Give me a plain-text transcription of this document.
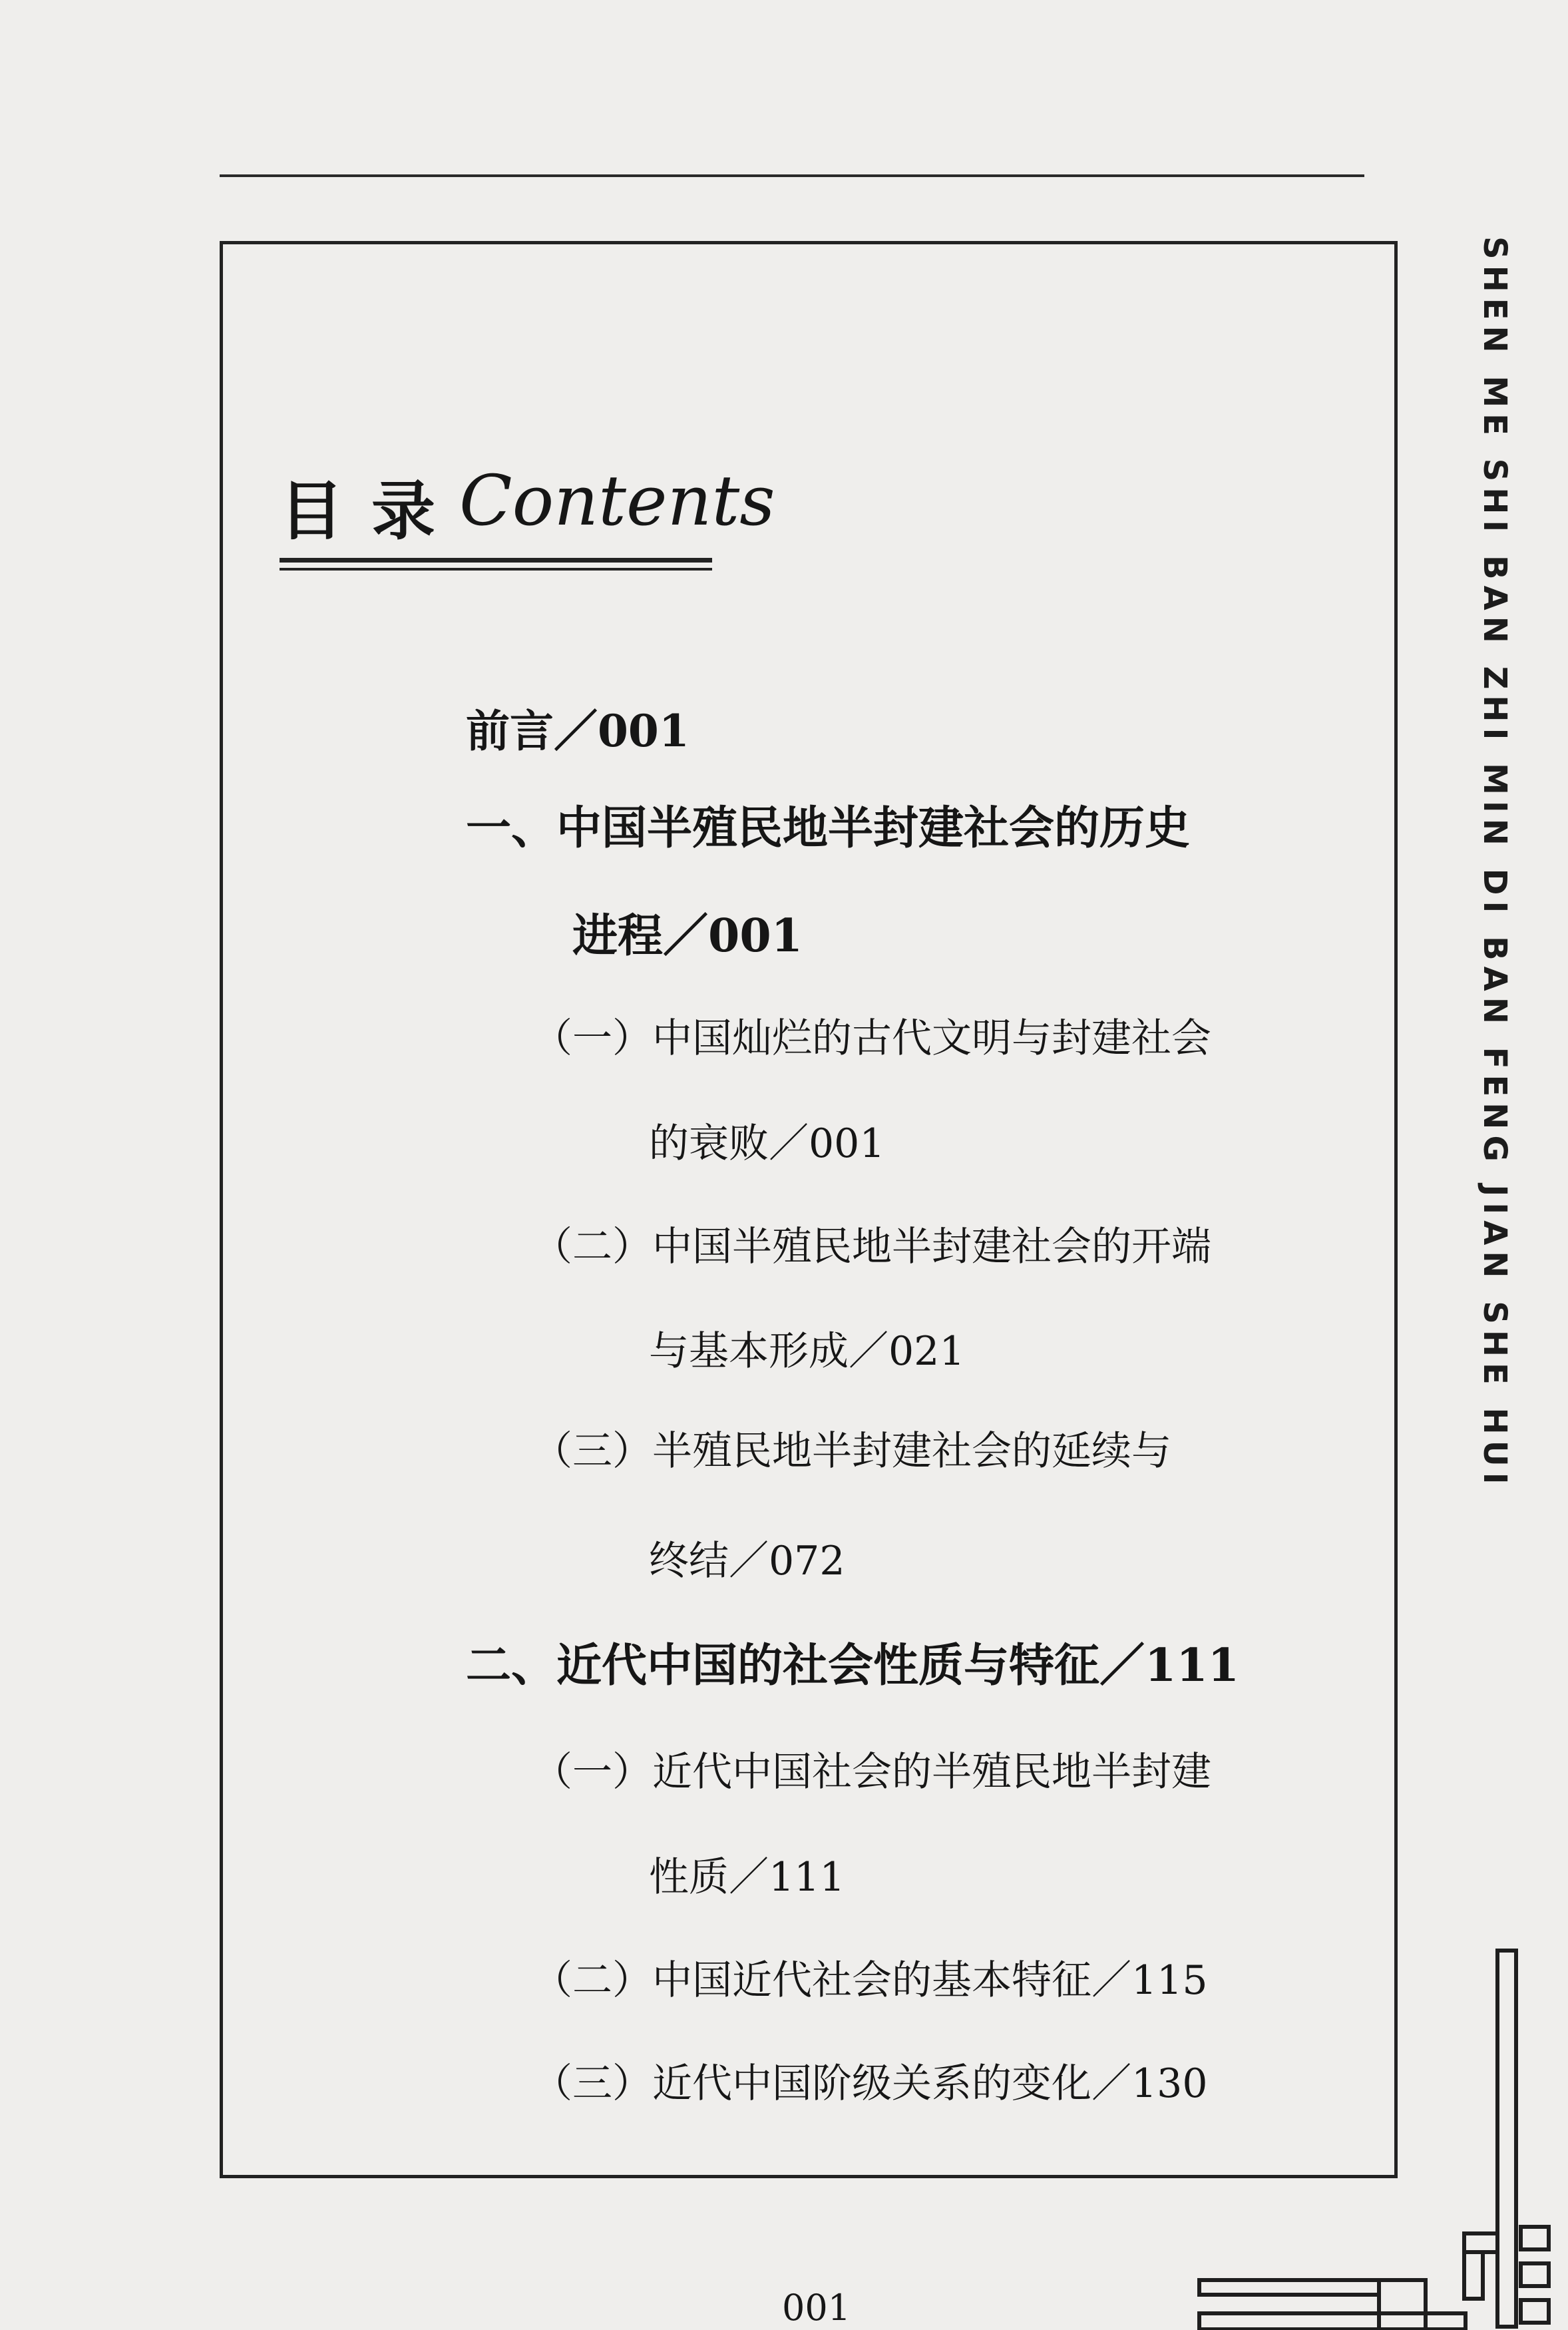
目录
Contents
前言／001
一、中国半殖民地半封建社会的历史
进程／001
（一）中国灿烂的古代文明与封建社会
的衰败／001
（二）中国半殖民地半封建社会的开端
与基本形成／021
（三）半殖民地半封建社会的延续与
终结／072
二、近代中国的社会性质与特征／111
（一）近代中国社会的半殖民地半封建
性质／111
（二）中国近代社会的基本特征／115
（三）近代中国阶级关系的变化／130
SHEN ME SHI BAN ZHI MIN DI BAN FENG JIAN SHE HUI
001
